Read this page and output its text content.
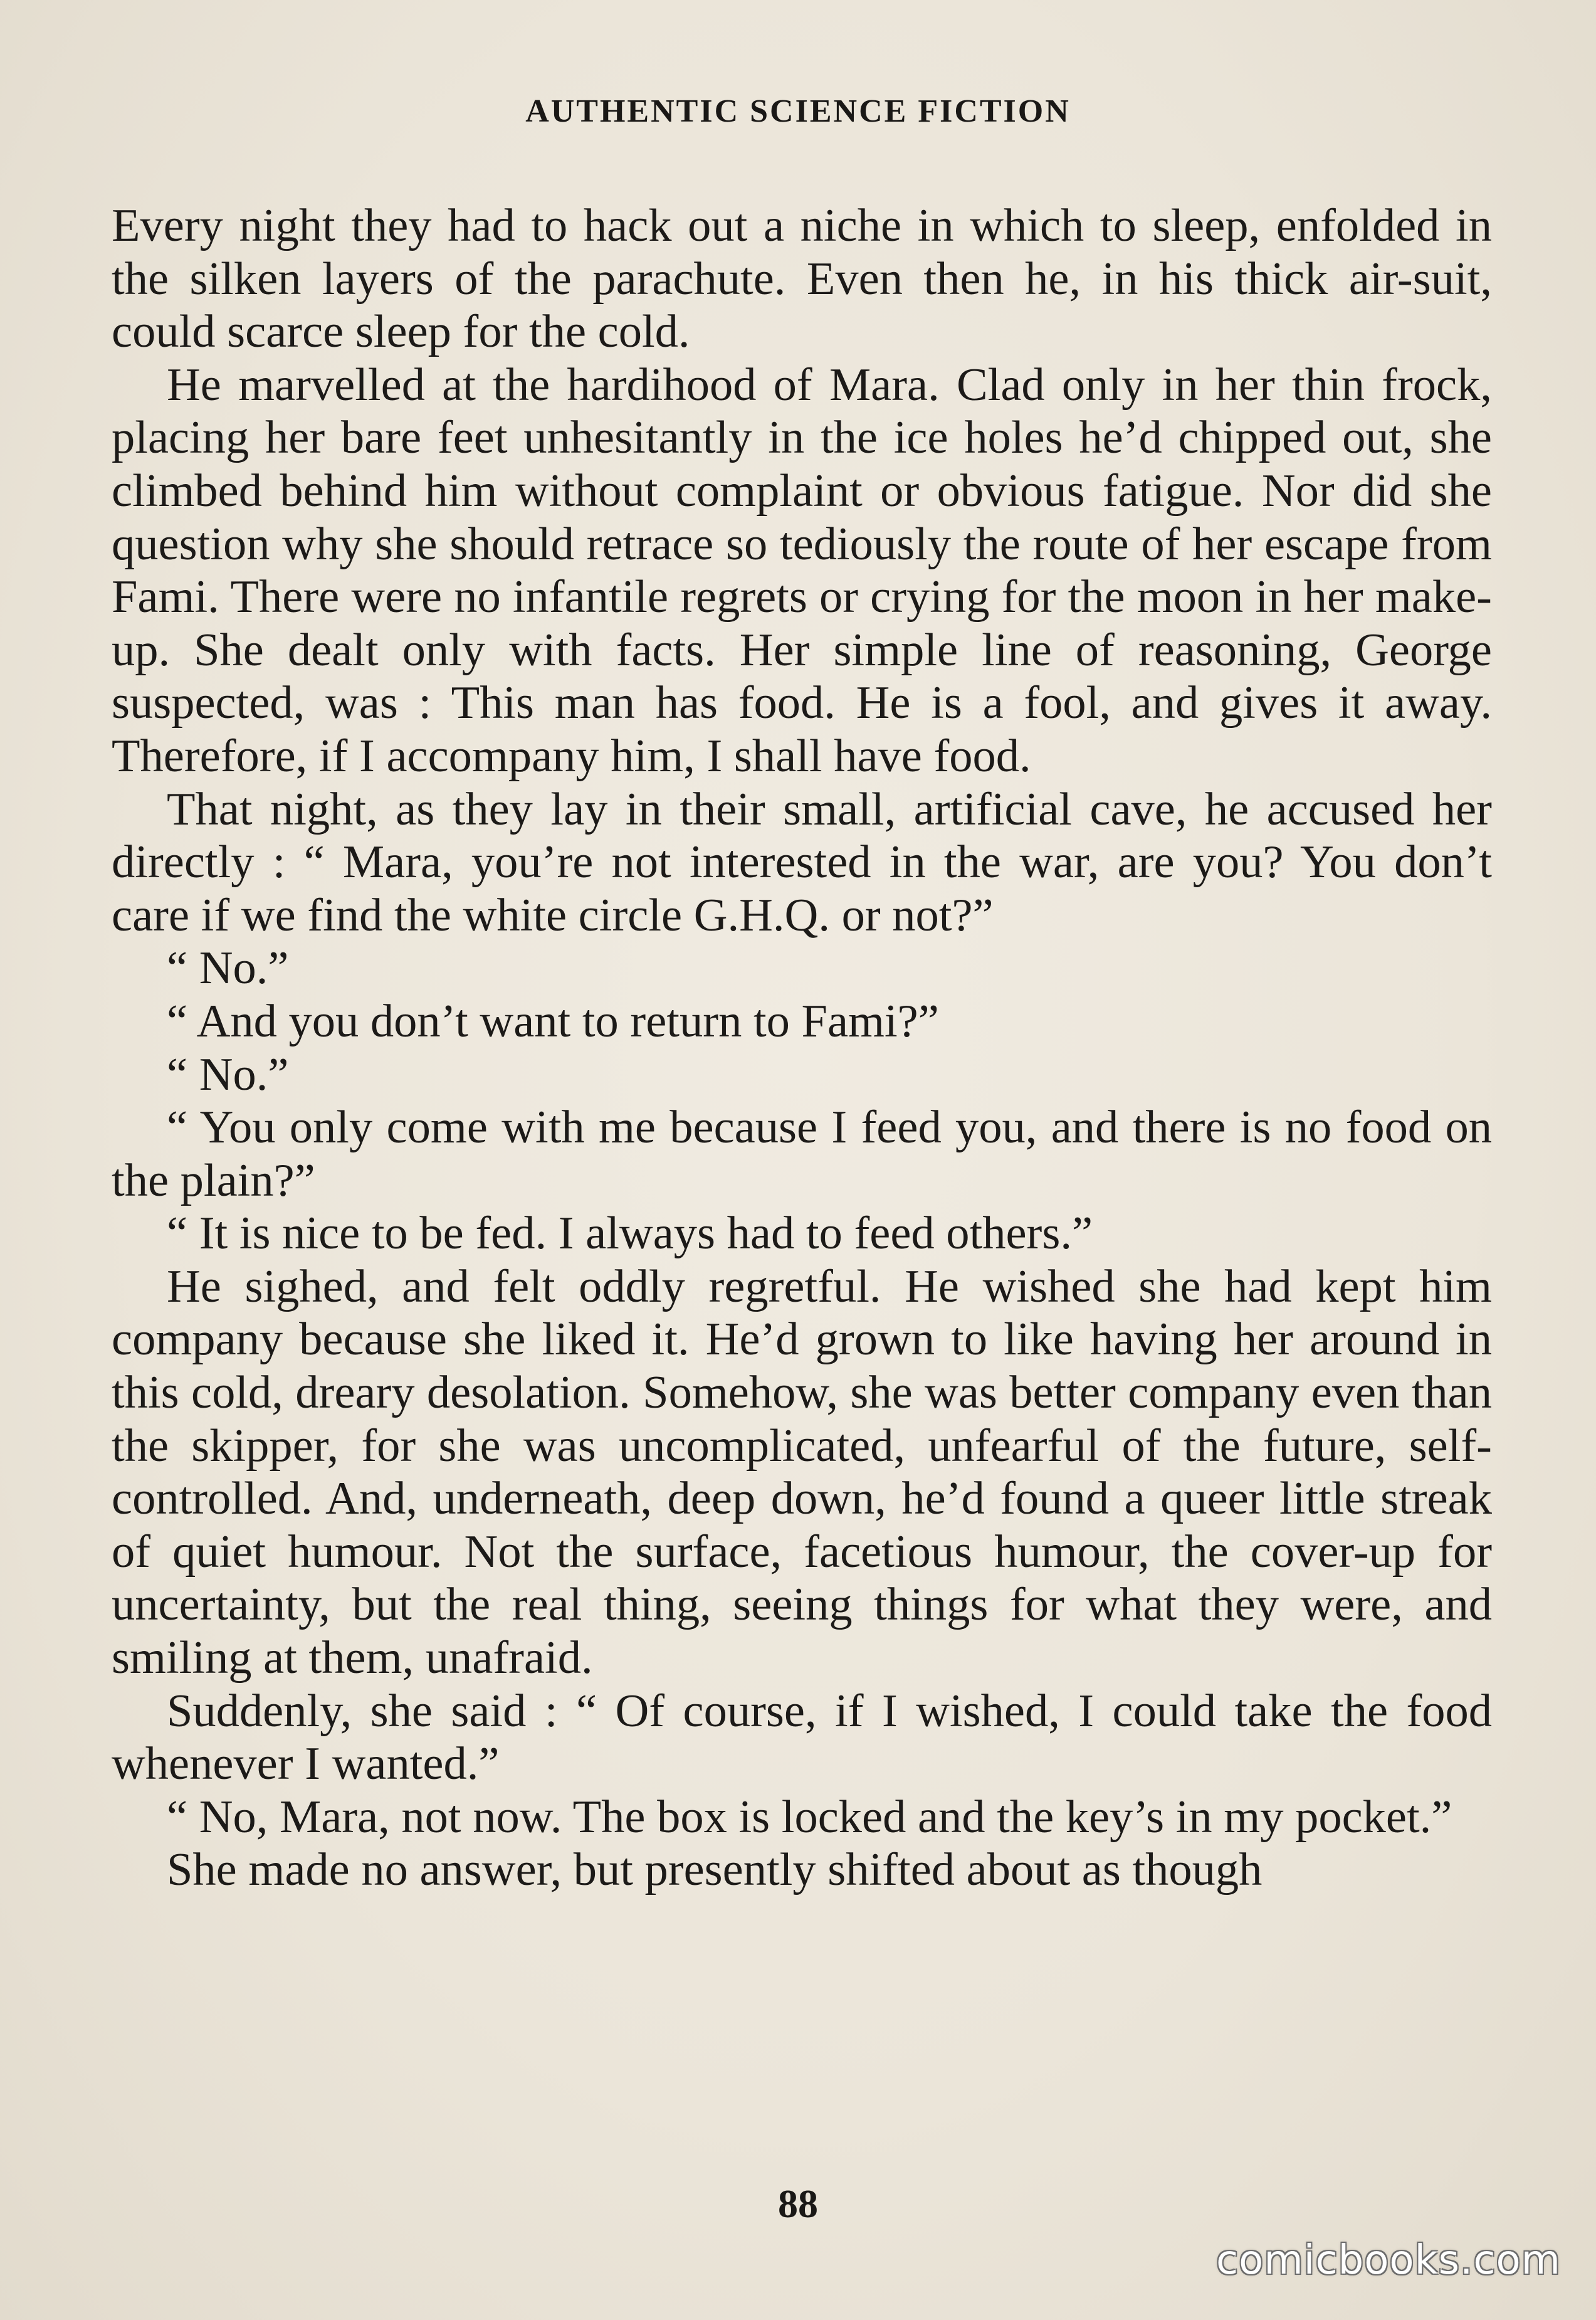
AUTHENTIC SCIENCE FICTION

Every night they had to hack out a niche in which to sleep, enfolded in the silken layers of the parachute. Even then he, in his thick air-suit, could scarce sleep for the cold.

He marvelled at the hardihood of Mara. Clad only in her thin frock, placing her bare feet unhesitantly in the ice holes he’d chipped out, she climbed behind him without complaint or obvious fatigue. Nor did she question why she should retrace so tediously the route of her escape from Fami. There were no infantile regrets or crying for the moon in her make-up. She dealt only with facts. Her simple line of reasoning, George suspected, was : This man has food. He is a fool, and gives it away. Therefore, if I accompany him, I shall have food.

That night, as they lay in their small, artificial cave, he accused her directly : “ Mara, you’re not interested in the war, are you? You don’t care if we find the white circle G.H.Q. or not?”

“ No.”

“ And you don’t want to return to Fami?”

“ No.”

“ You only come with me because I feed you, and there is no food on the plain?”

“ It is nice to be fed. I always had to feed others.”

He sighed, and felt oddly regretful. He wished she had kept him company because she liked it. He’d grown to like having her around in this cold, dreary desolation. Somehow, she was better company even than the skipper, for she was uncomplicated, unfearful of the future, self-controlled. And, underneath, deep down, he’d found a queer little streak of quiet humour. Not the surface, facetious humour, the cover-up for uncertainty, but the real thing, seeing things for what they were, and smiling at them, unafraid.

Suddenly, she said : “ Of course, if I wished, I could take the food whenever I wanted.”

“ No, Mara, not now. The box is locked and the key’s in my pocket.”

She made no answer, but presently shifted about as though

88
comicbooks.com
